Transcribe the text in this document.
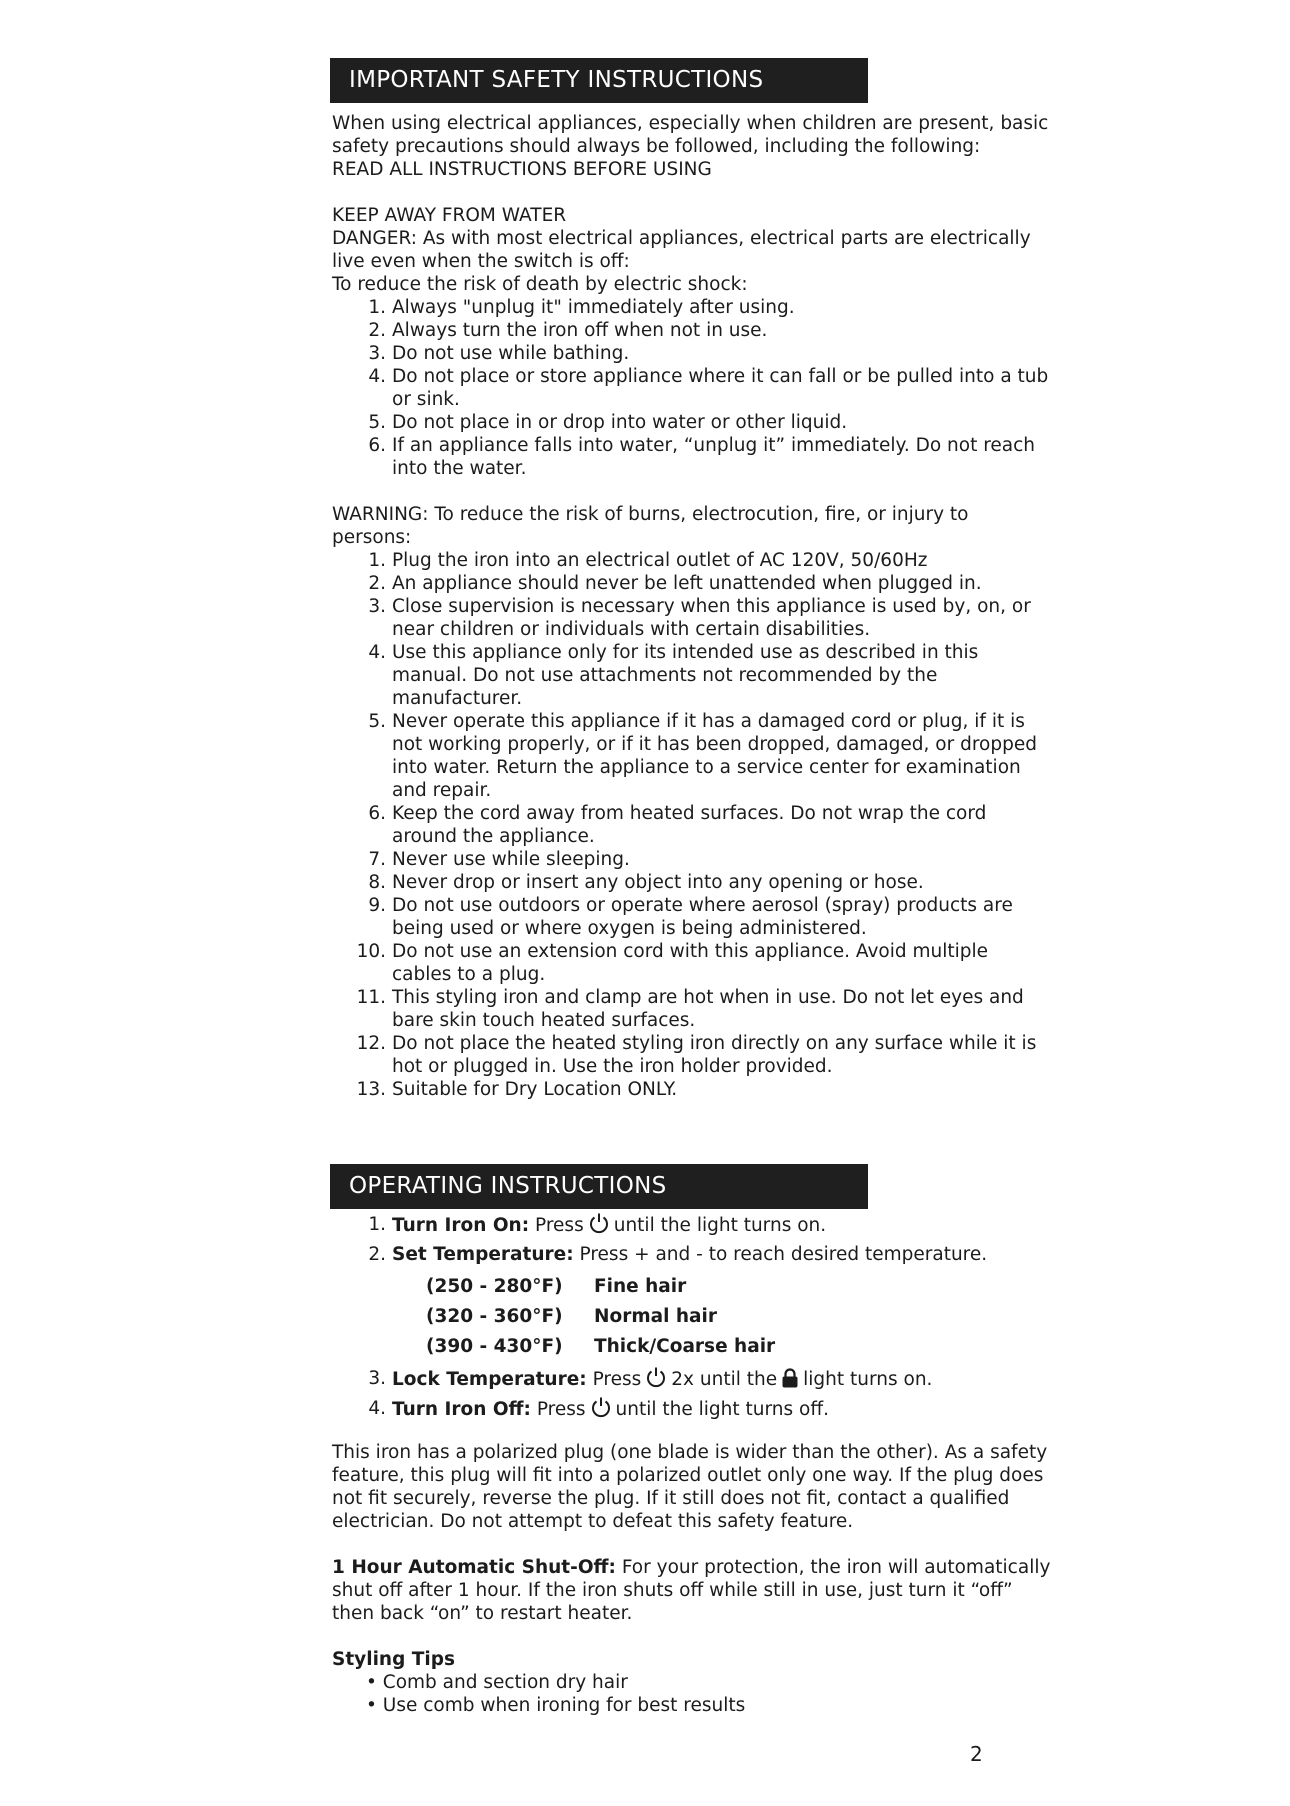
IMPORTANT SAFETY INSTRUCTIONS
When using electrical appliances, especially when children are present, basic safety precautions should always be followed, including the following:
READ ALL INSTRUCTIONS BEFORE USING
KEEP AWAY FROM WATER
DANGER: As with most electrical appliances, electrical parts are electrically live even when the switch is off:
To reduce the risk of death by electric shock:
1. Always "unplug it" immediately after using.
2. Always turn the iron off when not in use.
3. Do not use while bathing.
4. Do not place or store appliance where it can fall or be pulled into a tub or sink.
5. Do not place in or drop into water or other liquid.
6. If an appliance falls into water, “unplug it” immediately. Do not reach into the water.
WARNING: To reduce the risk of burns, electrocution, fire, or injury to persons:
1. Plug the iron into an electrical outlet of AC 120V, 50/60Hz
2. An appliance should never be left unattended when plugged in.
3. Close supervision is necessary when this appliance is used by, on, or near children or individuals with certain disabilities.
4. Use this appliance only for its intended use as described in this manual. Do not use attachments not recommended by the manufacturer.
5. Never operate this appliance if it has a damaged cord or plug, if it is not working properly, or if it has been dropped, damaged, or dropped into water. Return the appliance to a service center for examination and repair.
6. Keep the cord away from heated surfaces. Do not wrap the cord around the appliance.
7. Never use while sleeping.
8. Never drop or insert any object into any opening or hose.
9. Do not use outdoors or operate where aerosol (spray) products are being used or where oxygen is being administered.
10. Do not use an extension cord with this appliance. Avoid multiple cables to a plug.
11. This styling iron and clamp are hot when in use. Do not let eyes and bare skin touch heated surfaces.
12. Do not place the heated styling iron directly on any surface while it is hot or plugged in. Use the iron holder provided.
13. Suitable for Dry Location ONLY.
OPERATING INSTRUCTIONS
1. Turn Iron On: Press until the light turns on.
2. Set Temperature: Press + and - to reach desired temperature.
(250 - 280°F)	Fine hair
(320 - 360°F)	Normal hair
(390 - 430°F)	Thick/Coarse hair
3. Lock Temperature: Press 2x until the light turns on.
4. Turn Iron Off: Press until the light turns off.
This iron has a polarized plug (one blade is wider than the other). As a safety feature, this plug will fit into a polarized outlet only one way. If the plug does not fit securely, reverse the plug. If it still does not fit, contact a qualified electrician. Do not attempt to defeat this safety feature.
1 Hour Automatic Shut-Off: For your protection, the iron will automatically shut off after 1 hour. If the iron shuts off while still in use, just turn it “off” then back “on” to restart heater.
Styling Tips
• Comb and section dry hair
• Use comb when ironing for best results
2
